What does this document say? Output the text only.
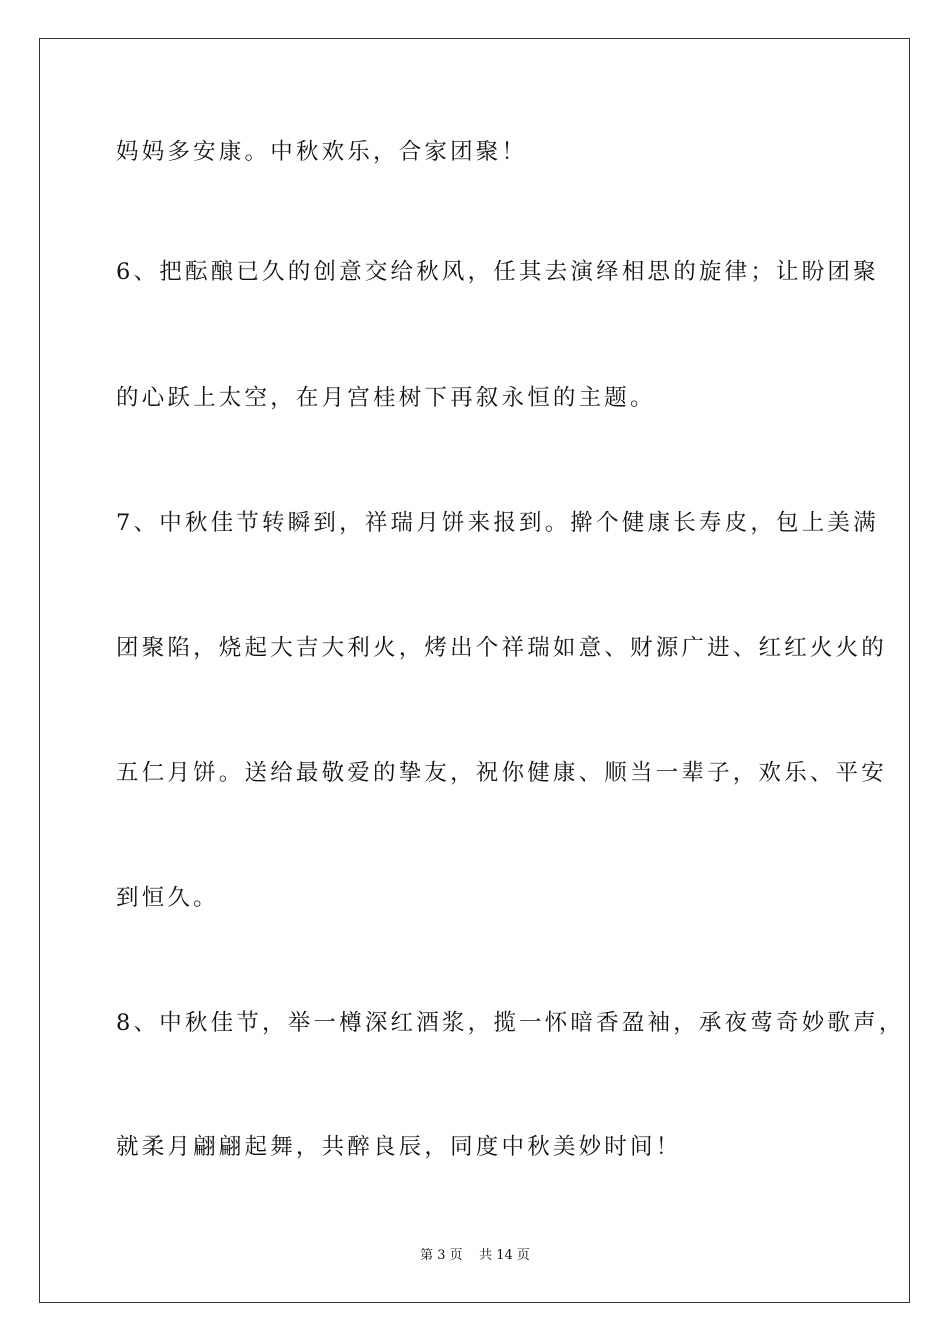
妈妈多安康。中秋欢乐，合家团聚！
6、把酝酿已久的创意交给秋风，任其去演绎相思的旋律；让盼团聚
的心跃上太空，在月宫桂树下再叙永恒的主题。
7、中秋佳节转瞬到，祥瑞月饼来报到。擀个健康长寿皮，包上美满
团聚陷，烧起大吉大利火，烤出个祥瑞如意、财源广进、红红火火的
五仁月饼。送给最敬爱的挚友，祝你健康、顺当一辈子，欢乐、平安
到恒久。
8、中秋佳节，举一樽深红酒浆，揽一怀暗香盈袖，承夜莺奇妙歌声，
就柔月翩翩起舞，共醉良辰，同度中秋美妙时间！
第 3 页    共 14 页
